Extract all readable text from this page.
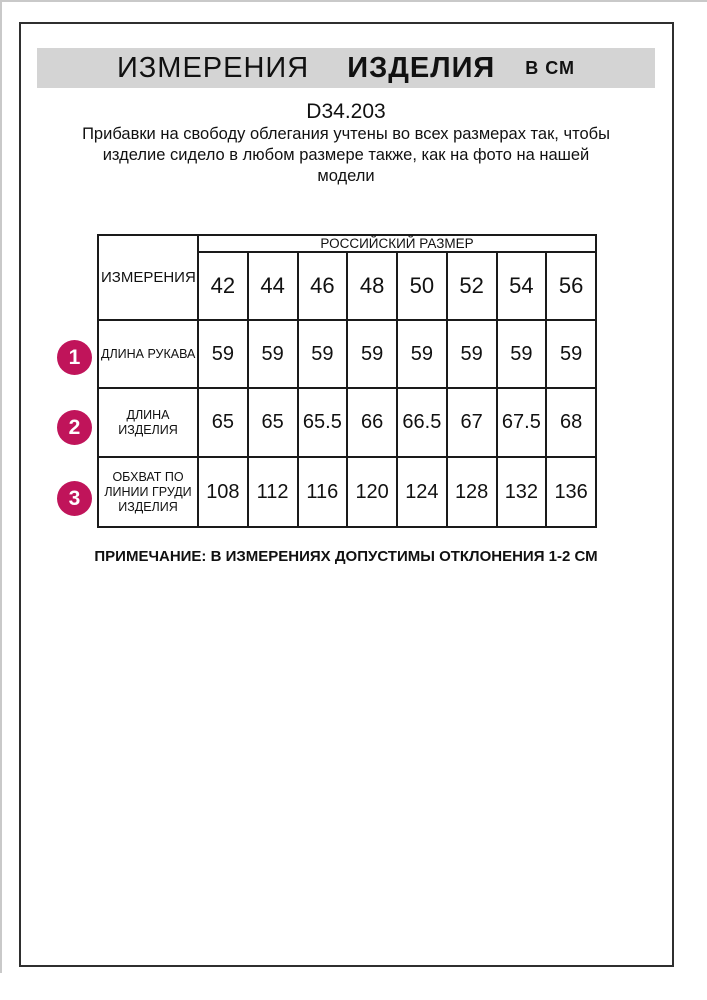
ИЗМЕРЕНИЯ ИЗДЕЛИЯ В СМ
D34.203
Прибавки на свободу облегания учтены во всех размерах так, чтобы
изделие сидело в любом размере также, как на фото на нашей
модели
ИЗМЕРЕНИЯ	РОССИЙСКИЙ РАЗМЕР							
	42	44	46	48	50	52	54	56
ДЛИНА РУКАВА	59	59	59	59	59	59	59	59
ДЛИНА ИЗДЕЛИЯ	65	65	65.5	66	66.5	67	67.5	68
ОБХВАТ ПО ЛИНИИ ГРУДИ ИЗДЕЛИЯ	108	112	116	120	124	128	132	136
1
2
3
ПРИМЕЧАНИЕ: В ИЗМЕРЕНИЯХ ДОПУСТИМЫ ОТКЛОНЕНИЯ 1-2 СМ
